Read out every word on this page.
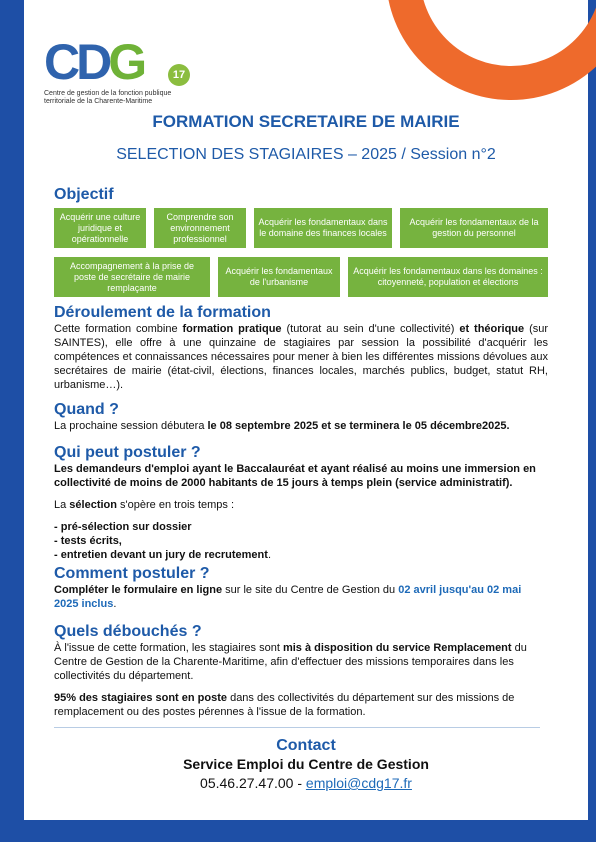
CDG	17
Centre de gestion de la fonction publique territoriale de la Charente-Maritime
FORMATION SECRETAIRE DE MAIRIE
SELECTION DES STAGIAIRES – 2025 / Session n°2
Objectif
Acquérir une culture juridique et opérationnelle
Comprendre son environnement professionnel
Acquérir les fondamentaux dans le domaine des finances locales
Acquérir les fondamentaux de la gestion du personnel
Accompagnement à la prise de poste de secrétaire de mairie remplaçante
Acquérir les fondamentaux de l'urbanisme
Acquérir les fondamentaux dans les domaines : citoyenneté, population et élections
Déroulement de la formation

Cette formation combine formation pratique (tutorat au sein d'une collectivité) et théorique (sur SAINTES), elle offre à une quinzaine de stagiaires par session la possibilité d'acquérir les compétences et connaissances nécessaires pour mener à bien les différentes missions dévolues aux secrétaires de mairie (état-civil, élections, finances locales, marchés publics, budget, statut RH, urbanisme…).

Quand ?

La prochaine session débutera le 08 septembre 2025 et se terminera le 05 décembre2025.

Qui peut postuler ?

Les demandeurs d'emploi ayant le Baccalauréat et ayant réalisé au moins une immersion en collectivité de moins de 2000 habitants de 15 jours à temps plein (service administratif).

La sélection s'opère en trois temps :

- pré-sélection sur dossier
- tests écrits,
- entretien devant un jury de recrutement.
Comment postuler ?

Compléter le formulaire en ligne sur le site du Centre de Gestion du 02 avril jusqu'au 02 mai 2025 inclus.

Quels débouchés ?

À l'issue de cette formation, les stagiaires sont mis à disposition du service Remplacement du Centre de Gestion de la Charente-Maritime, afin d'effectuer des missions temporaires dans les collectivités du département.

95% des stagiaires sont en poste dans des collectivités du département sur des missions de remplacement ou des postes pérennes à l'issue de la formation.

Contact
Service Emploi du Centre de Gestion
05.46.27.47.00 - emploi@cdg17.fr
